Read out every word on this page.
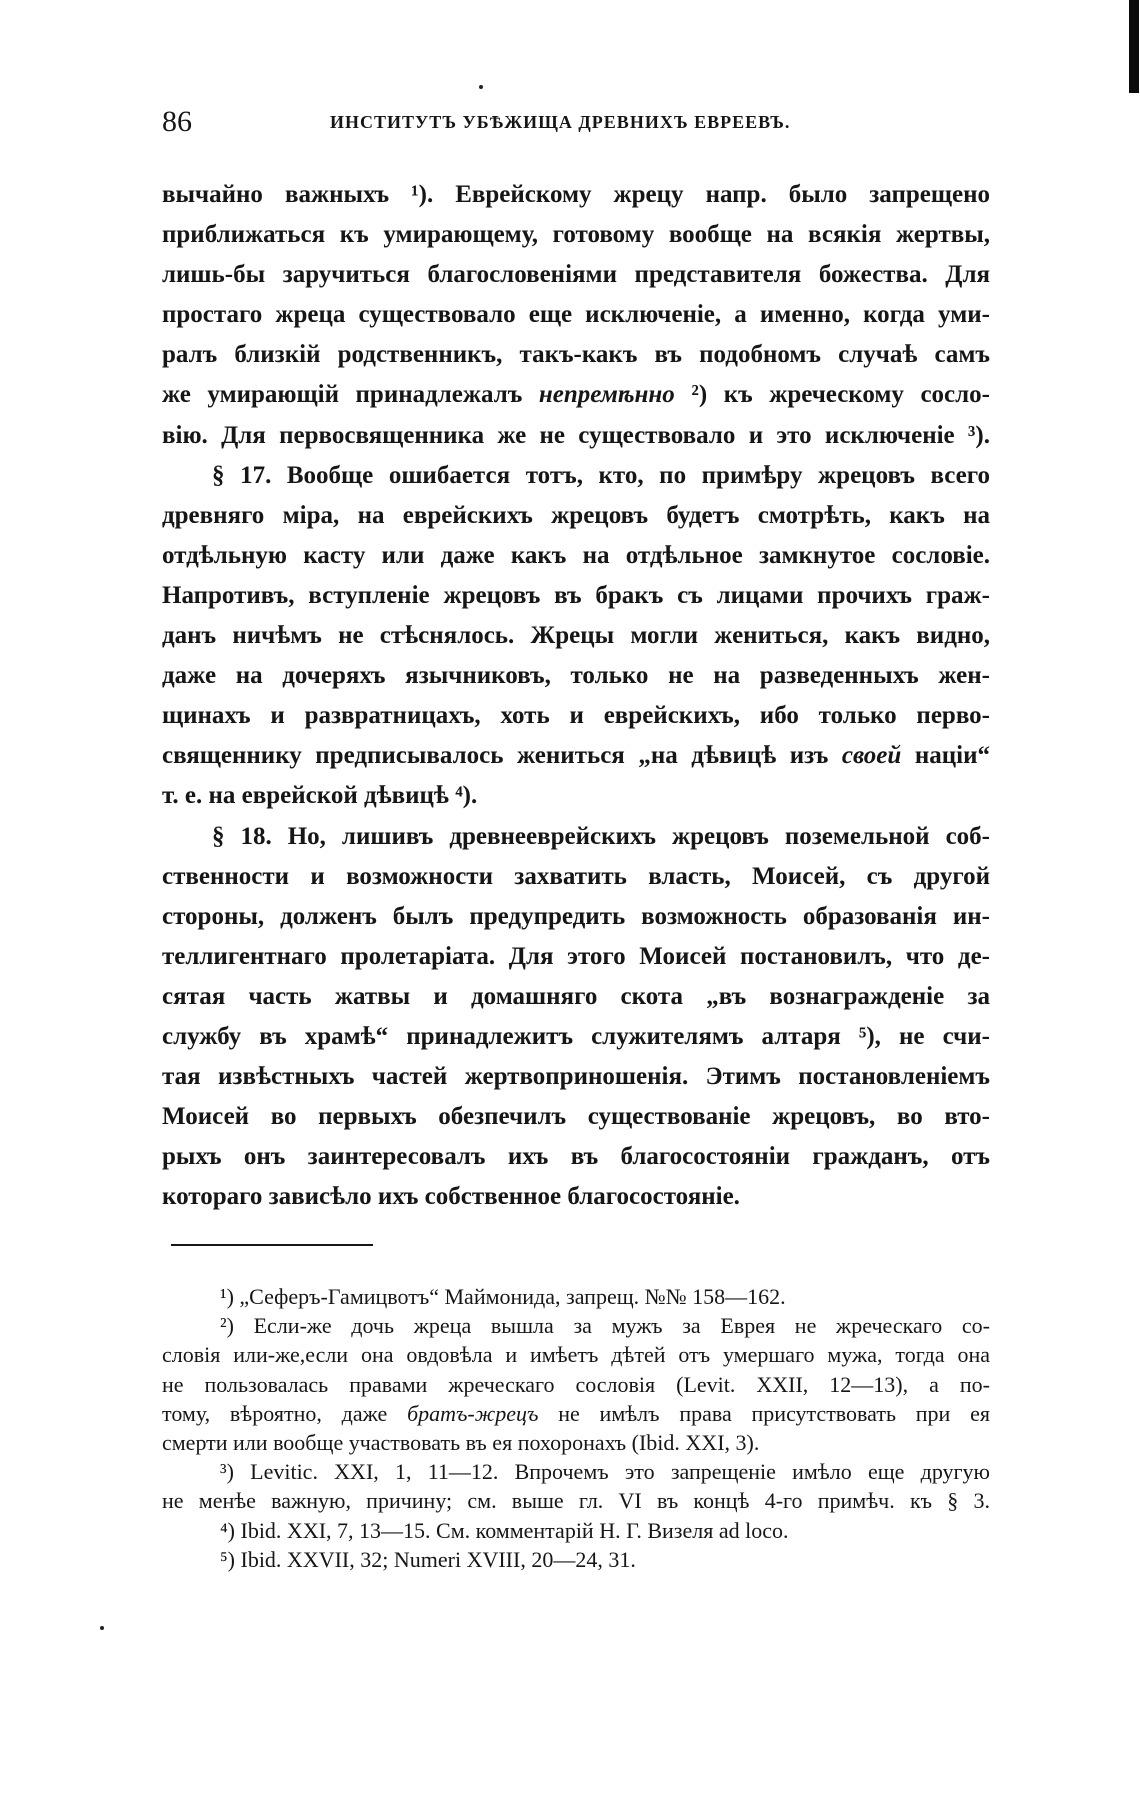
86	ИНСТИТУТЪ УБѢЖИЩА ДРЕВНИХЪ ЕВРЕЕВЪ.
вычайно важныхъ ¹). Еврейскому жрецу напр. было запрещено
приближаться къ умирающему, готовому вообще на всякія жертвы,
лишь-бы заручиться благословеніями представителя божества. Для
простаго жреца существовало еще исключеніе, а именно, когда уми-
ралъ близкій родственникъ, такъ-какъ въ подобномъ случаѣ самъ
же умирающій принадлежалъ непремѣнно ²) къ жреческому сосло-
вію. Для первосвященника же не существовало и это исключеніе ³).
§ 17. Вообще ошибается тотъ, кто, по примѣру жрецовъ всего
древняго міра, на еврейскихъ жрецовъ будетъ смотрѣть, какъ на
отдѣльную касту или даже какъ на отдѣльное замкнутое сословіе.
Напротивъ, вступленіе жрецовъ въ бракъ съ лицами прочихъ граж-
данъ ничѣмъ не стѣснялось. Жрецы могли жениться, какъ видно,
даже на дочеряхъ язычниковъ, только не на разведенныхъ жен-
щинахъ и развратницахъ, хоть и еврейскихъ, ибо только перво-
священнику предписывалось жениться „на дѣвицѣ изъ своей націи“
т. е. на еврейской дѣвицѣ ⁴).
§ 18. Но, лишивъ древнееврейскихъ жрецовъ поземельной соб-
ственности и возможности захватить власть, Моисей, съ другой
стороны, долженъ былъ предупредить возможность образованія ин-
теллигентнаго пролетаріата. Для этого Моисей постановилъ, что де-
сятая часть жатвы и домашняго скота „въ вознагражденіе за
службу въ храмѣ“ принадлежитъ служителямъ алтаря ⁵), не счи-
тая извѣстныхъ частей жертвоприношенія. Этимъ постановленіемъ
Моисей во первыхъ обезпечилъ существованіе жрецовъ, во вто-
рыхъ онъ заинтересовалъ ихъ въ благосостояніи гражданъ, отъ
котораго зависѣло ихъ собственное благосостояніе.
¹) „Сеферъ-Гамицвотъ“ Маймонида, запрещ. №№ 158—162.
²) Если-же дочь жреца вышла за мужъ за Еврея не жреческаго со-
словія или-же,если она овдовѣла и имѣетъ дѣтей отъ умершаго мужа, тогда она
не пользовалась правами жреческаго сословія (Levit. XXII, 12—13), а по-
тому, вѣроятно, даже братъ-жрецъ не имѣлъ права присутствовать при ея
смерти или вообще участвовать въ ея похоронахъ (Ibid. XXI, 3).
³) Levitic. XXI, 1, 11—12. Впрочемъ это запрещеніе имѣло еще другую
не менѣе важную, причину; см. выше гл. VI въ концѣ 4-го примѣч. къ § 3.
⁴) Ibid. XXI, 7, 13—15. См. комментарій Н. Г. Визеля ad loco.
⁵) Ibid. XXVII, 32; Numeri XVIII, 20—24, 31.
